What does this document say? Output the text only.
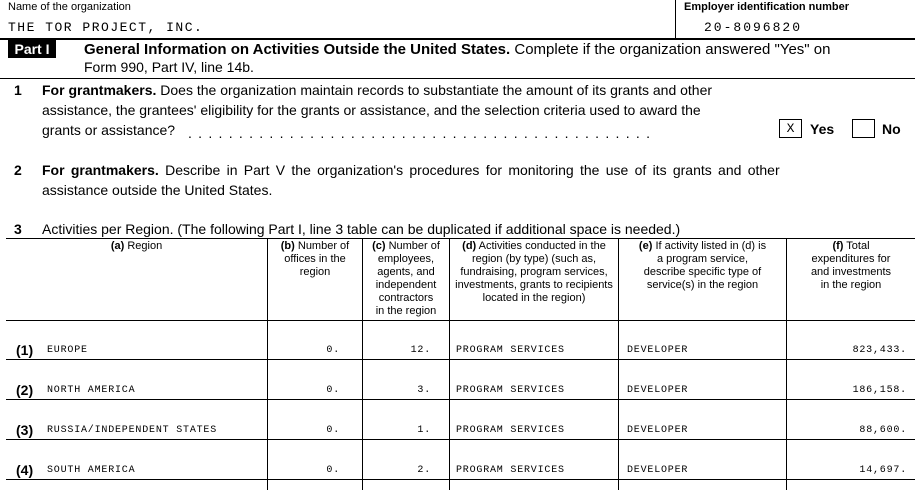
Name of the organization
THE TOR PROJECT, INC.
Employer identification number
20-8096820
Part I	General Information on Activities Outside the United States. Complete if the organization answered "Yes" on
Form 990, Part IV, line 14b.
1 For grantmakers. Does the organization maintain records to substantiate the amount of its grants and other
assistance, the grantees' eligibility for the grants or assistance, and the selection criteria used to award the
grants or assistance? . . . . . . . . . . . . . . . . . . . . . . . . . . . . . . . . . . . . . . . . . . . . . .	X	Yes	No
2 For grantmakers. Describe in Part V the organization's procedures for monitoring the use of its grants and other
assistance outside the United States.
3 Activities per Region. (The following Part I, line 3 table can be duplicated if additional space is needed.)
(a) Region	(b) Number of
offices in the
region
(c) Number of
employees,
agents, and
independent
contractors
in the region
(d) Activities conducted in the
region (by type) (such as,
fundraising, program services,
investments, grants to recipients
located in the region)
(e) If activity listed in (d) is
a program service,
describe specific type of
service(s) in the region
(f) Total
expenditures for
and investments
in the region
(1) EUROPE	0.	12.	PROGRAM SERVICES	DEVELOPER	823,433.
(2) NORTH AMERICA	0.	3.	PROGRAM SERVICES	DEVELOPER	186,158.
(3) RUSSIA/INDEPENDENT STATES	0.	1.	PROGRAM SERVICES	DEVELOPER	88,600.
(4) SOUTH AMERICA	0.	2.	PROGRAM SERVICES	DEVELOPER	14,697.
